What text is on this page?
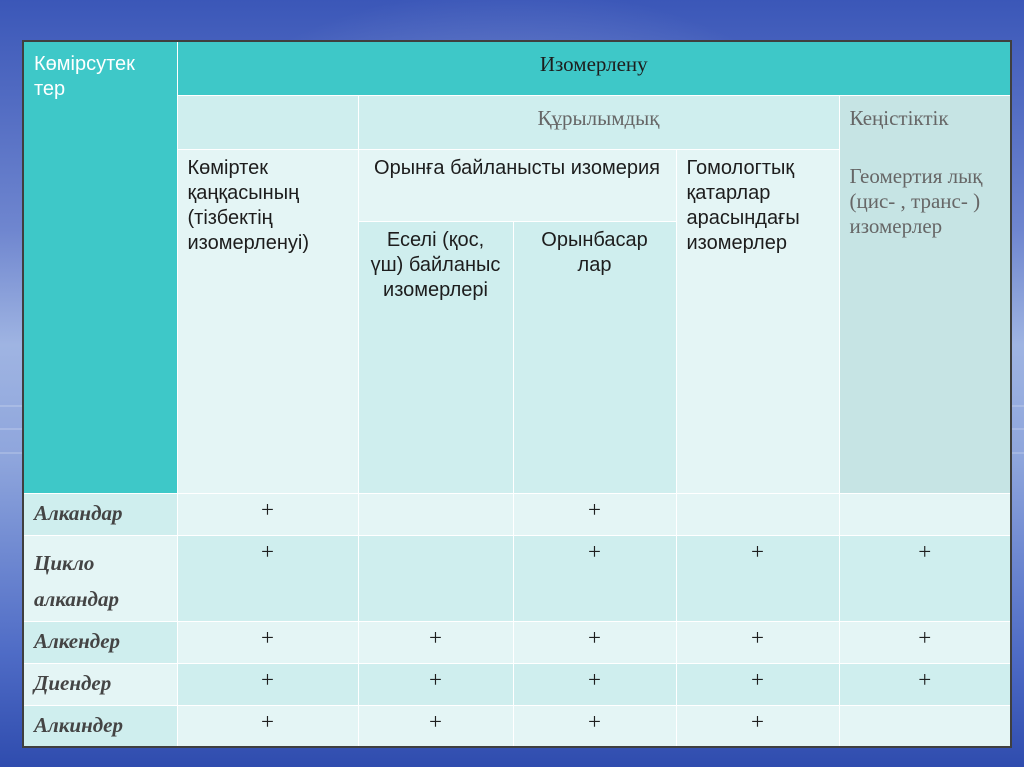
Көмірсутек тер	Изомерлену				

		Құрылымдық			Кеңістіктік
Геомертия лық (цис- , транс- ) изомерлер

	Көміртек қаңқасының (тізбектің изомерленуі)	Орынға байланысты изомерия		Гомологтық қатарлар арасындағы изомерлер	

		Еселі (қос, үш) байланыс изомерлері	Орынбасар лар		

Алкандар	+		+		

Цикло алкандар	+		+	+	+

Алкендер	+	+	+	+	+

Диендер	+	+	+	+	+

Алкиндер	+	+	+	+	
